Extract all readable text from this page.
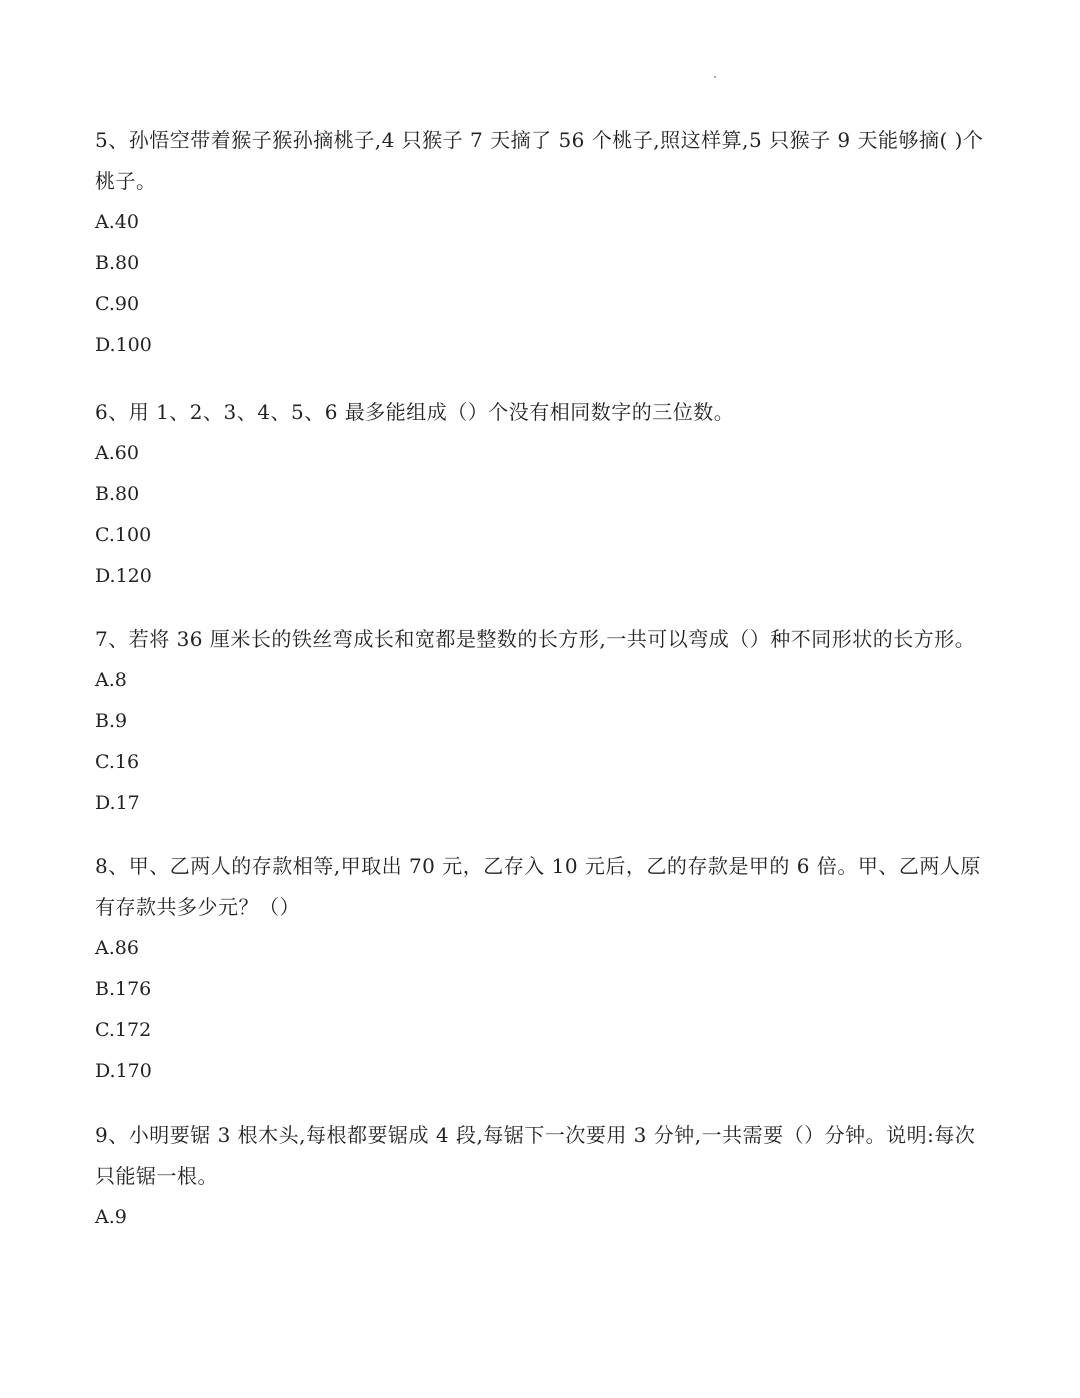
5、孙悟空带着猴子猴孙摘桃子,4 只猴子 7 天摘了 56 个桃子,照这样算,5 只猴子 9 天能够摘( )个桃子。

A.40

B.80

C.90

D.100

6、用 1、2、3、4、5、6 最多能组成（）个没有相同数字的三位数。

A.60

B.80

C.100

D.120

7、若将 36 厘米长的铁丝弯成长和宽都是整数的长方形,一共可以弯成（）种不同形状的长方形。

A.8

B.9

C.16

D.17

8、甲、乙两人的存款相等,甲取出 70 元，乙存入 10 元后，乙的存款是甲的 6 倍。甲、乙两人原有存款共多少元？（）

A.86

B.176

C.172

D.170

9、小明要锯 3 根木头,每根都要锯成 4 段,每锯下一次要用 3 分钟,一共需要（）分钟。说明:每次只能锯一根。

A.9
